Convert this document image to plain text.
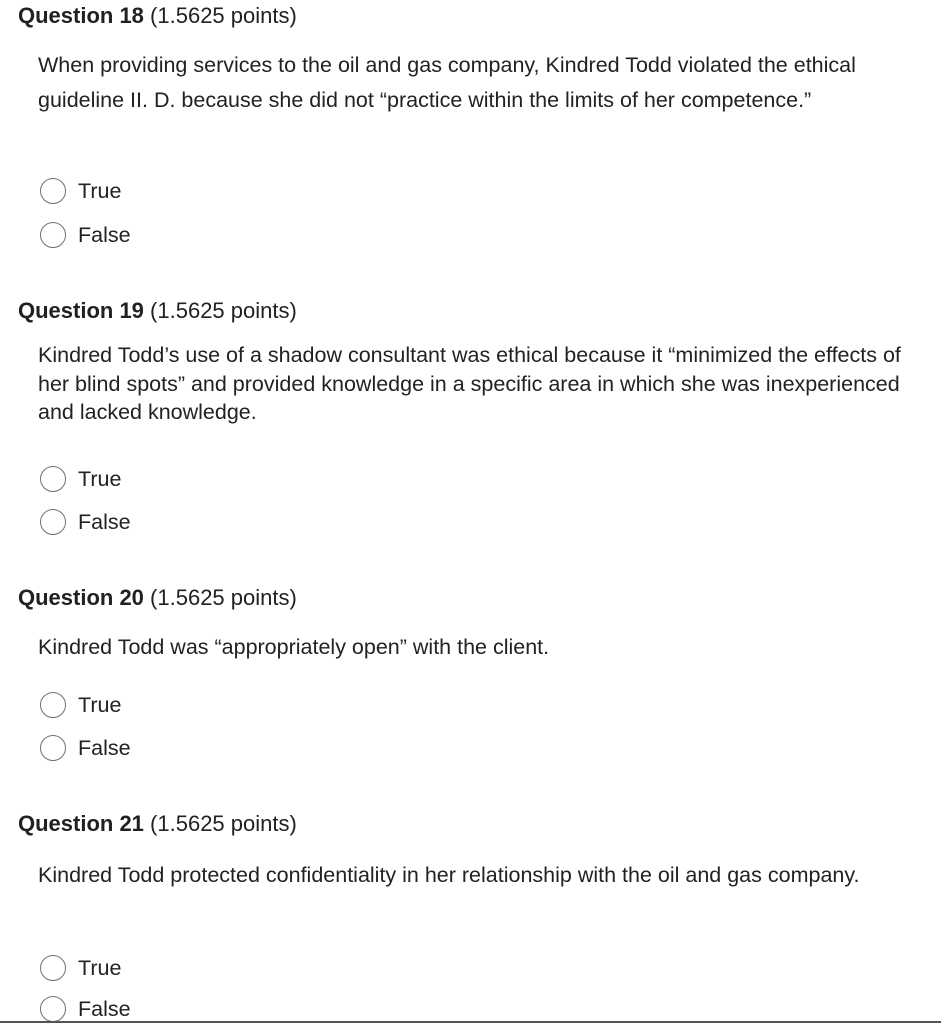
Question 18 (1.5625 points)
When providing services to the oil and gas company, Kindred Todd violated the ethical guideline II. D. because she did not “practice within the limits of her competence.”
True
False
Question 19 (1.5625 points)
Kindred Todd’s use of a shadow consultant was ethical because it “minimized the effects of her blind spots” and provided knowledge in a specific area in which she was inexperienced and lacked knowledge.
True
False
Question 20 (1.5625 points)
Kindred Todd was “appropriately open” with the client.
True
False
Question 21 (1.5625 points)
Kindred Todd protected confidentiality in her relationship with the oil and gas company.
True
False
